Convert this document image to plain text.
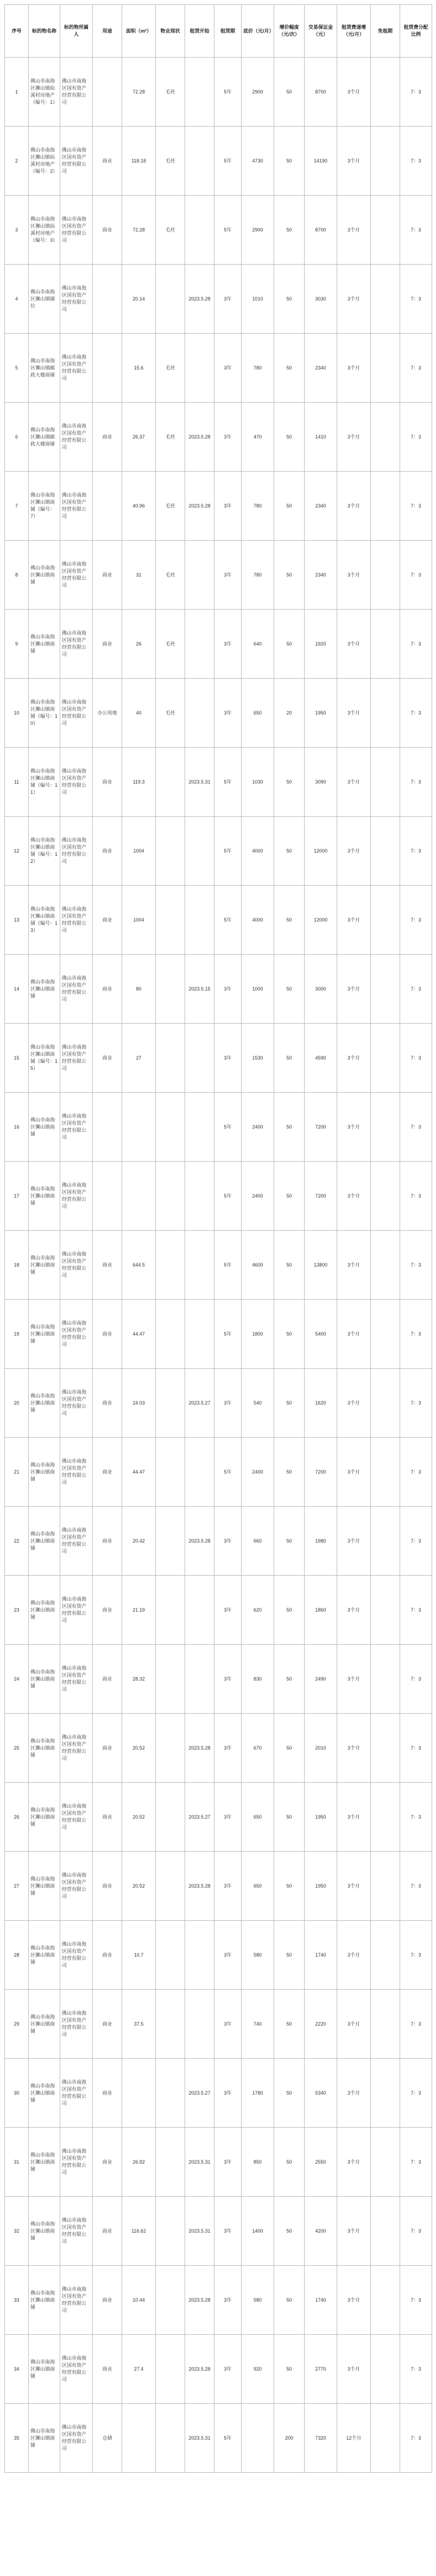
序号	标的物名称	标的物所属人	用途	面积（m²）	物业现状	租赁开始	租赁期	底价（元/月）	增价幅度（元/次）	交易保证金（元）	租赁费递增（元/月）	免租期	租赁费分配比例
1	佛山市南海区狮山镇仙溪村房地产（编号：1）	佛山市南海区国有资产经营有限公司		72.28	毛坯		5年	2900	50	8700	3个月		7：3
2	佛山市南海区狮山镇仙溪村房地产（编号：2）	佛山市南海区国有资产经营有限公司	商业	118.18	毛坯		5年	4730	50	14190	3个月		7：3
3	佛山市南海区狮山镇仙溪村房地产（编号：3）	佛山市南海区国有资产经营有限公司	商业	72.28	毛坯		5年	2900	50	8700	3个月		7：3
4	佛山市南海区狮山镇铺位	佛山市南海区国有资产经营有限公司		20.14		2023.5.28	3年	1010	50	3030	3个月		7：3
5	佛山市南海区狮山镇邮政大楼商铺	佛山市南海区国有资产经营有限公司		15.6	毛坯		3年	780	50	2340	3个月		7：3
6	佛山市南海区狮山镇邮政大楼商铺	佛山市南海区国有资产经营有限公司	商业	26.37	毛坯	2023.5.28	3年	470	50	1410	3个月		7：3
7	佛山市南海区狮山镇商铺（编号：7）	佛山市南海区国有资产经营有限公司		40.96	毛坯	2023.5.28	3年	780	50	2340	3个月		7：3
8	佛山市南海区狮山镇商铺	佛山市南海区国有资产经营有限公司	商业	31	毛坯		3年	780	50	2340	3个月		7：3
9	佛山市南海区狮山镇商铺	佛山市南海区国有资产经营有限公司	商业	26	毛坯		3年	640	50	1920	3个月		7：3
10	佛山市南海区狮山镇商铺（编号：10）	佛山市南海区国有资产经营有限公司	办公用地	40	毛坯		3年	650	20	1950	3个月		7：3
11	佛山市南海区狮山镇商铺（编号：11）	佛山市南海区国有资产经营有限公司	商业	119.3		2023.5.31	5年	1030	50	3090	3个月		7：3
12	佛山市南海区狮山镇商铺（编号：12）	佛山市南海区国有资产经营有限公司	商业	1004			5年	4000	50	12000	3个月		7：3
13	佛山市南海区狮山镇商铺（编号：13）	佛山市南海区国有资产经营有限公司	商业	1004			5年	4000	50	12000	3个月		7：3
14	佛山市南海区狮山镇商铺	佛山市南海区国有资产经营有限公司	商业	80		2023.5.15	3年	1000	50	3000	3个月		7：3
15	佛山市南海区狮山镇商铺（编号：15）	佛山市南海区国有资产经营有限公司	商业	27			3年	1530	50	4590	3个月		7：3
16	佛山市南海区狮山镇商铺	佛山市南海区国有资产经营有限公司					5年	2400	50	7200	3个月		7：3
17	佛山市南海区狮山镇商铺	佛山市南海区国有资产经营有限公司					5年	2400	50	7200	3个月		7：3
18	佛山市南海区狮山镇商铺	佛山市南海区国有资产经营有限公司	商业	644.5			5年	4600	50	13800	3个月		7：3
19	佛山市南海区狮山镇商铺	佛山市南海区国有资产经营有限公司	商业	44.47			5年	1800	50	5400	3个月		7：3
20	佛山市南海区狮山镇商铺	佛山市南海区国有资产经营有限公司	商业	24.03		2023.5.27	3年	540	50	1620	3个月		7：3
21	佛山市南海区狮山镇商铺	佛山市南海区国有资产经营有限公司	商业	44.47			5年	2400	50	7200	3个月		7：3
22	佛山市南海区狮山镇商铺	佛山市南海区国有资产经营有限公司	商业	20.42		2023.5.28	3年	660	50	1980	3个月		7：3
23	佛山市南海区狮山镇商铺	佛山市南海区国有资产经营有限公司	商业	21.19			3年	620	50	1860	3个月		7：3
24	佛山市南海区狮山镇商铺	佛山市南海区国有资产经营有限公司	商业	28.32			3年	830	50	2490	3个月		7：3
25	佛山市南海区狮山镇商铺	佛山市南海区国有资产经营有限公司	商业	20.52		2023.5.28	3年	670	50	2010	3个月		7：3
26	佛山市南海区狮山镇商铺	佛山市南海区国有资产经营有限公司	商业	20.52		2023.5.27	3年	650	50	1950	3个月		7：3
27	佛山市南海区狮山镇商铺	佛山市南海区国有资产经营有限公司	商业	20.52		2023.5.28	3年	650	50	1950	3个月		7：3
28	佛山市南海区狮山镇商铺	佛山市南海区国有资产经营有限公司	商业	10.7			3年	580	50	1740	3个月		7：3
29	佛山市南海区狮山镇商铺	佛山市南海区国有资产经营有限公司	商业	37.5			3年	740	50	2220	3个月		7：3
30	佛山市南海区狮山镇商铺	佛山市南海区国有资产经营有限公司	商业			2023.5.27	3年	1780	50	5340	3个月		7：3
31	佛山市南海区狮山镇商铺	佛山市南海区国有资产经营有限公司	商业	26.92		2023.5.31	3年	850	50	2550	3个月		7：3
32	佛山市南海区狮山镇商铺	佛山市南海区国有资产经营有限公司	商业	116.62		2023.5.31	3年	1400	50	4200	3个月		7：3
33	佛山市南海区狮山镇商铺	佛山市南海区国有资产经营有限公司	商业	10.44		2023.5.28	3年	580	50	1740	3个月		7：3
34	佛山市南海区狮山镇商铺	佛山市南海区国有资产经营有限公司	商业	27.4		2023.5.28	3年	920	50	2770	3个月		7：3
35	佛山市南海区狮山镇商铺	佛山市南海区国有资产经营有限公司	仓储			2023.5.31	5年		200	7320	12个月		7：3
